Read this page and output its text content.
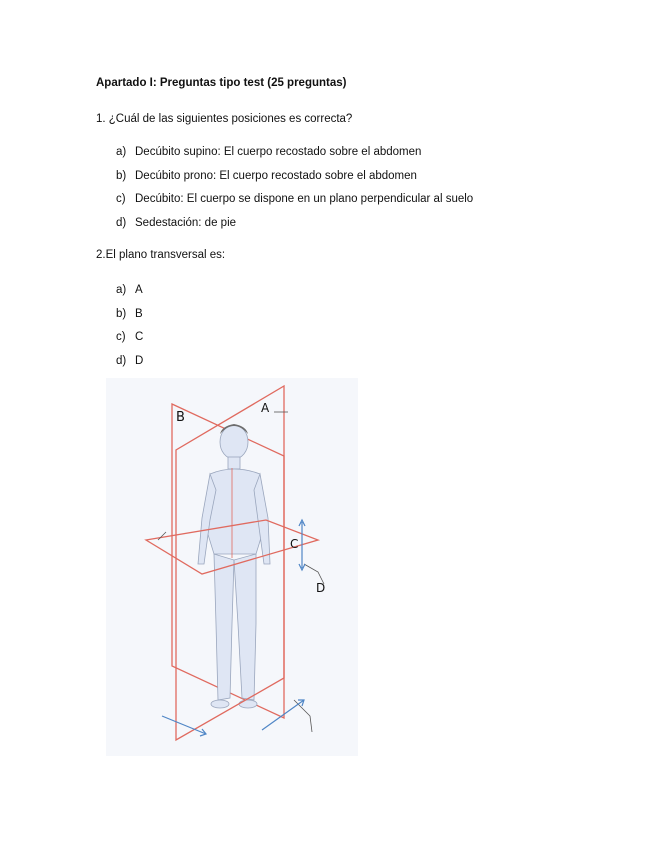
Apartado I: Preguntas tipo test (25 preguntas)
1. ¿Cuál de las siguientes posiciones es correcta?
a) Decúbito supino: El cuerpo recostado sobre el abdomen
b) Decúbito prono: El cuerpo recostado sobre el abdomen
c) Decúbito: El cuerpo se dispone en un plano perpendicular al suelo
d) Sedestación: de pie
2.El plano transversal es:
a) A
b) B
c) C
d) D
A
B
C
D
